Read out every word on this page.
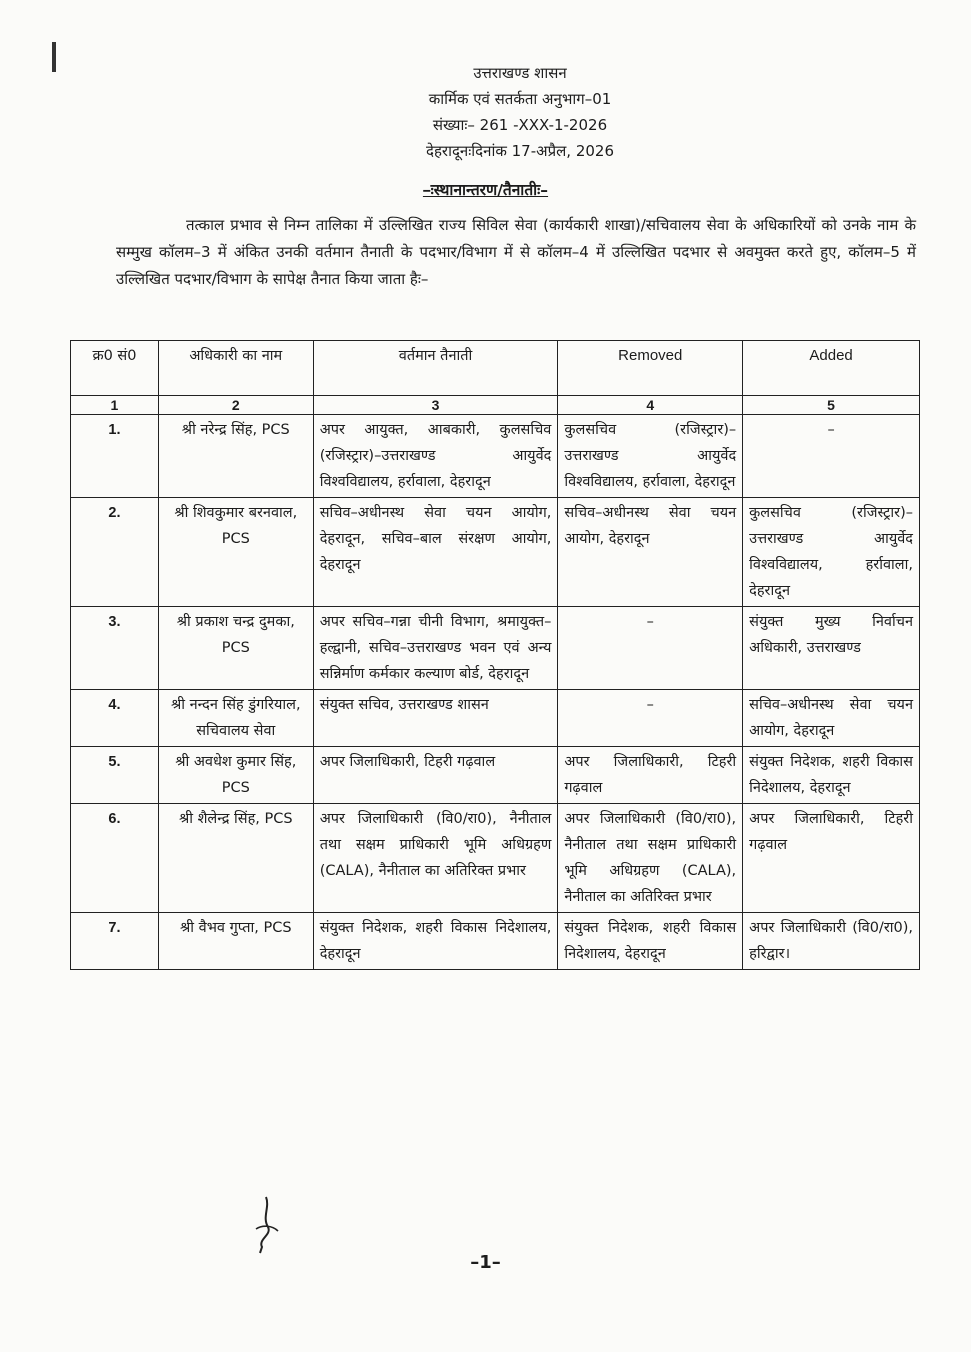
उत्तराखण्ड शासन
कार्मिक एवं सतर्कता अनुभाग–01
संख्याः– 261 -XXX-1-2026
देहरादूनःदिनांक 17-अप्रैल, 2026
–ःस्थानान्तरण/तैनातीः–
तत्काल प्रभाव से निम्न तालिका में उल्लिखित राज्य सिविल सेवा (कार्यकारी शाखा)/सचिवालय सेवा के अधिकारियों को उनके नाम के सम्मुख कॉलम–3 में अंकित उनकी वर्तमान तैनाती के पदभार/विभाग में से कॉलम–4 में उल्लिखित पदभार से अवमुक्त करते हुए, कॉलम–5 में उल्लिखित पदभार/विभाग के सापेक्ष तैनात किया जाता हैः–
क्र0 सं0	अधिकारी का नाम	वर्तमान तैनाती	Removed	Added
1	2	3	4	5
1.	श्री नरेन्द्र सिंह, PCS	अपर आयुक्त, आबकारी, कुलसचिव (रजिस्ट्रार)–उत्तराखण्ड आयुर्वेद विश्वविद्यालय, हर्रावाला, देहरादून	कुलसचिव (रजिस्ट्रार)–उत्तराखण्ड आयुर्वेद विश्वविद्यालय, हर्रावाला, देहरादून	–
2.	श्री शिवकुमार बरनवाल, PCS	सचिव–अधीनस्थ सेवा चयन आयोग, देहरादून, सचिव–बाल संरक्षण आयोग, देहरादून	सचिव–अधीनस्थ सेवा चयन आयोग, देहरादून	कुलसचिव (रजिस्ट्रार)–उत्तराखण्ड आयुर्वेद विश्वविद्यालय, हर्रावाला, देहरादून
3.	श्री प्रकाश चन्द्र दुमका, PCS	अपर सचिव–गन्ना चीनी विभाग, श्रमायुक्त–हल्द्वानी, सचिव–उत्तराखण्ड भवन एवं अन्य सन्निर्माण कर्मकार कल्याण बोर्ड, देहरादून	–	संयुक्त मुख्य निर्वाचन अधिकारी, उत्तराखण्ड
4.	श्री नन्दन सिंह डुंगरियाल, सचिवालय सेवा	संयुक्त सचिव, उत्तराखण्ड शासन	–	सचिव–अधीनस्थ सेवा चयन आयोग, देहरादून
5.	श्री अवधेश कुमार सिंह, PCS	अपर जिलाधिकारी, टिहरी गढ़वाल	अपर जिलाधिकारी, टिहरी गढ़वाल	संयुक्त निदेशक, शहरी विकास निदेशालय, देहरादून
6.	श्री शैलेन्द्र सिंह, PCS	अपर जिलाधिकारी (वि0/रा0), नैनीताल तथा सक्षम प्राधिकारी भूमि अधिग्रहण (CALA), नैनीताल का अतिरिक्त प्रभार	अपर जिलाधिकारी (वि0/रा0), नैनीताल तथा सक्षम प्राधिकारी भूमि अधिग्रहण (CALA), नैनीताल का अतिरिक्त प्रभार	अपर जिलाधिकारी, टिहरी गढ़वाल
7.	श्री वैभव गुप्ता, PCS	संयुक्त निदेशक, शहरी विकास निदेशालय, देहरादून	संयुक्त निदेशक, शहरी विकास निदेशालय, देहरादून	अपर जिलाधिकारी (वि0/रा0), हरिद्वार।
–1–
